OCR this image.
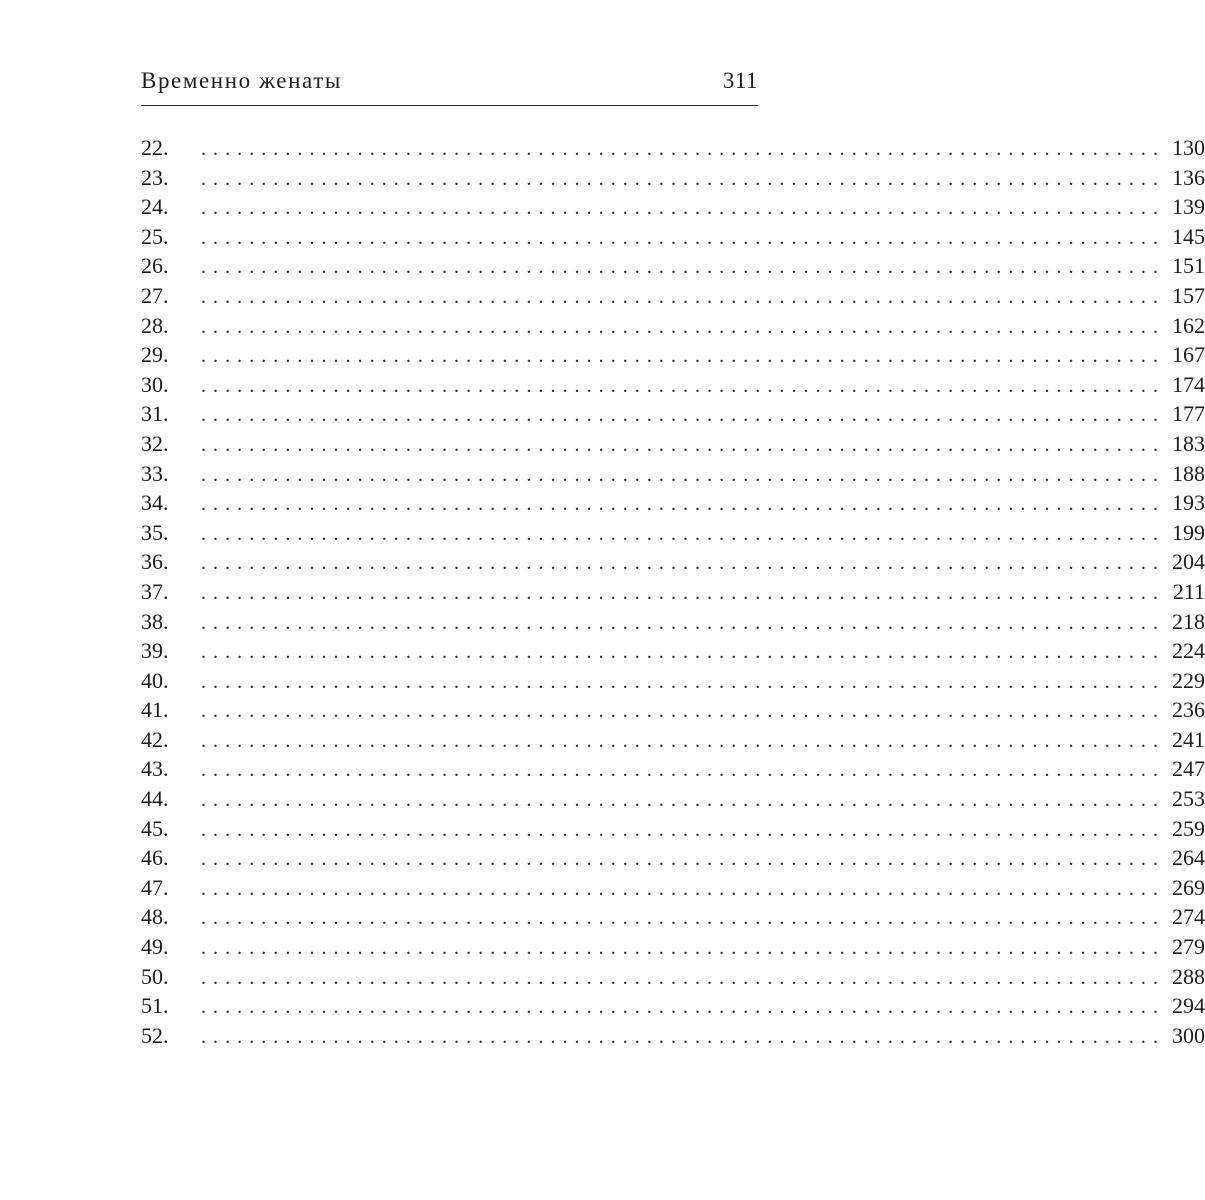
Временно женаты	311
22.	................................................................................ 130
23.	................................................................................ 136
24.	................................................................................ 139
25.	................................................................................ 145
26.	................................................................................ 151
27.	................................................................................ 157
28.	................................................................................ 162
29.	................................................................................ 167
30.	................................................................................ 174
31.	................................................................................ 177
32.	................................................................................ 183
33.	................................................................................ 188
34.	................................................................................ 193
35.	................................................................................ 199
36.	................................................................................ 204
37.	................................................................................ 211
38.	................................................................................ 218
39.	................................................................................ 224
40.	................................................................................ 229
41.	................................................................................ 236
42.	................................................................................ 241
43.	................................................................................ 247
44.	................................................................................ 253
45.	................................................................................ 259
46.	................................................................................ 264
47.	................................................................................ 269
48.	................................................................................ 274
49.	................................................................................ 279
50.	................................................................................ 288
51.	................................................................................ 294
52.	................................................................................ 300
